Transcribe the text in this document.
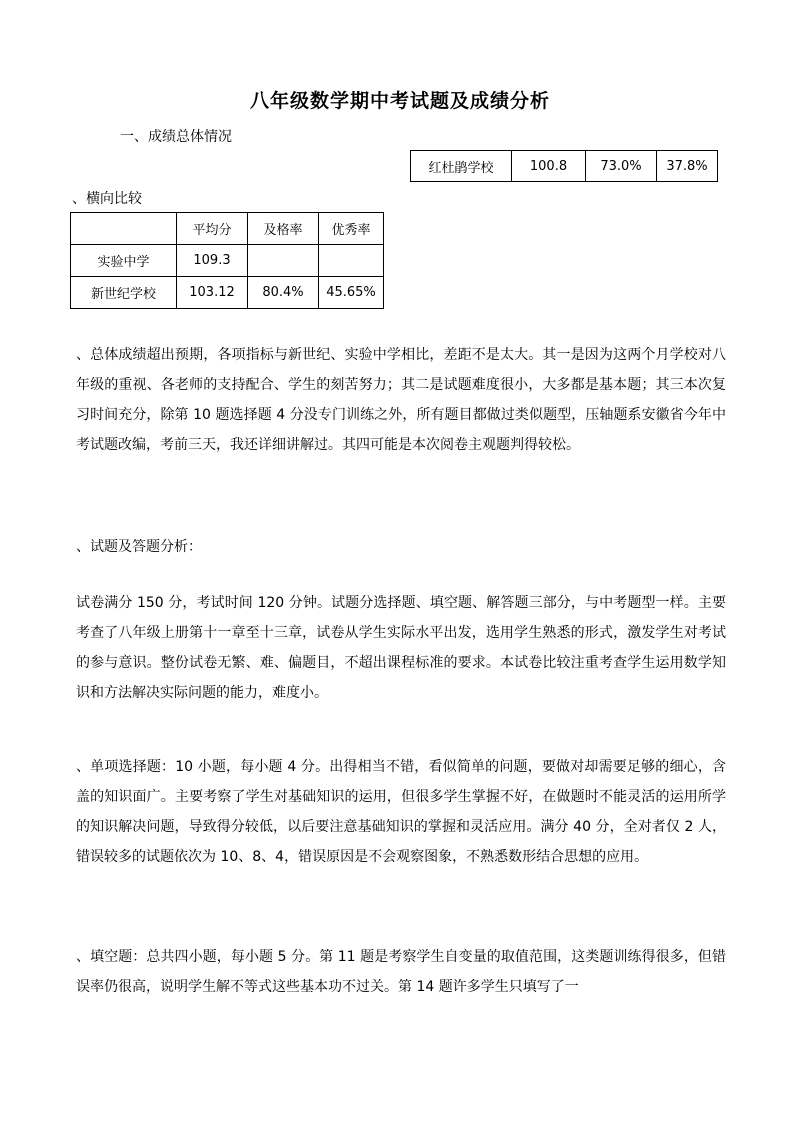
八年级数学期中考试题及成绩分析
一、成绩总体情况
红杜鹃学校	100.8	73.0%	37.8%
、横向比较
	平均分	及格率	优秀率
实验中学	109.3		
新世纪学校	103.12	80.4%	45.65%

、总体成绩超出预期，各项指标与新世纪、实验中学相比，差距不是太大。其一是因为这两个月学校对八年级的重视、各老师的支持配合、学生的刻苦努力；其二是试题难度很小，大多都是基本题；其三本次复习时间充分，除第 10 题选择题 4 分没专门训练之外，所有题目都做过类似题型，压轴题系安徽省今年中考试题改编，考前三天，我还详细讲解过。其四可能是本次阅卷主观题判得较松。

、试题及答题分析：

试卷满分 150 分，考试时间 120 分钟。试题分选择题、填空题、解答题三部分，与中考题型一样。主要考查了八年级上册第十一章至十三章，试卷从学生实际水平出发，选用学生熟悉的形式，激发学生对考试的参与意识。整份试卷无繁、难、偏题目，不超出课程标准的要求。本试卷比较注重考查学生运用数学知识和方法解决实际问题的能力，难度小。

、单项选择题：10 小题，每小题 4 分。出得相当不错，看似简单的问题，要做对却需要足够的细心，含盖的知识面广。主要考察了学生对基础知识的运用，但很多学生掌握不好，在做题时不能灵活的运用所学的知识解决问题，导致得分较低，以后要注意基础知识的掌握和灵活应用。满分 40 分，全对者仅 2 人，错误较多的试题依次为 10、8、4，错误原因是不会观察图象，不熟悉数形结合思想的应用。

、填空题：总共四小题，每小题 5 分。第 11 题是考察学生自变量的取值范围，这类题训练得很多，但错误率仍很高，说明学生解不等式这些基本功不过关。第 14 题许多学生只填写了一
